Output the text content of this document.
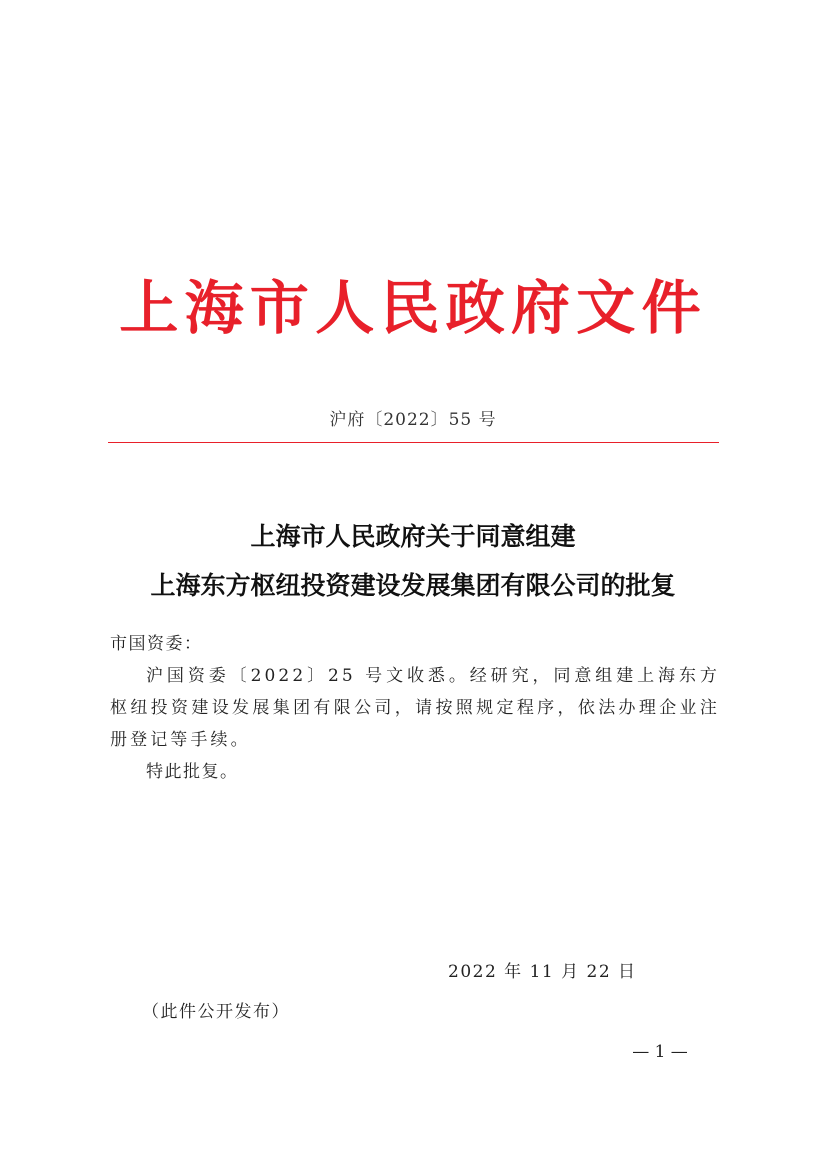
上海市人民政府文件
沪府〔2022〕55 号
上海市人民政府关于同意组建
上海东方枢纽投资建设发展集团有限公司的批复
市国资委：
沪国资委〔2022〕25 号文收悉。经研究，同意组建上海东方枢纽投资建设发展集团有限公司，请按照规定程序，依法办理企业注册登记等手续。
特此批复。
2022 年 11 月 22 日
（此件公开发布）
— 1 —
